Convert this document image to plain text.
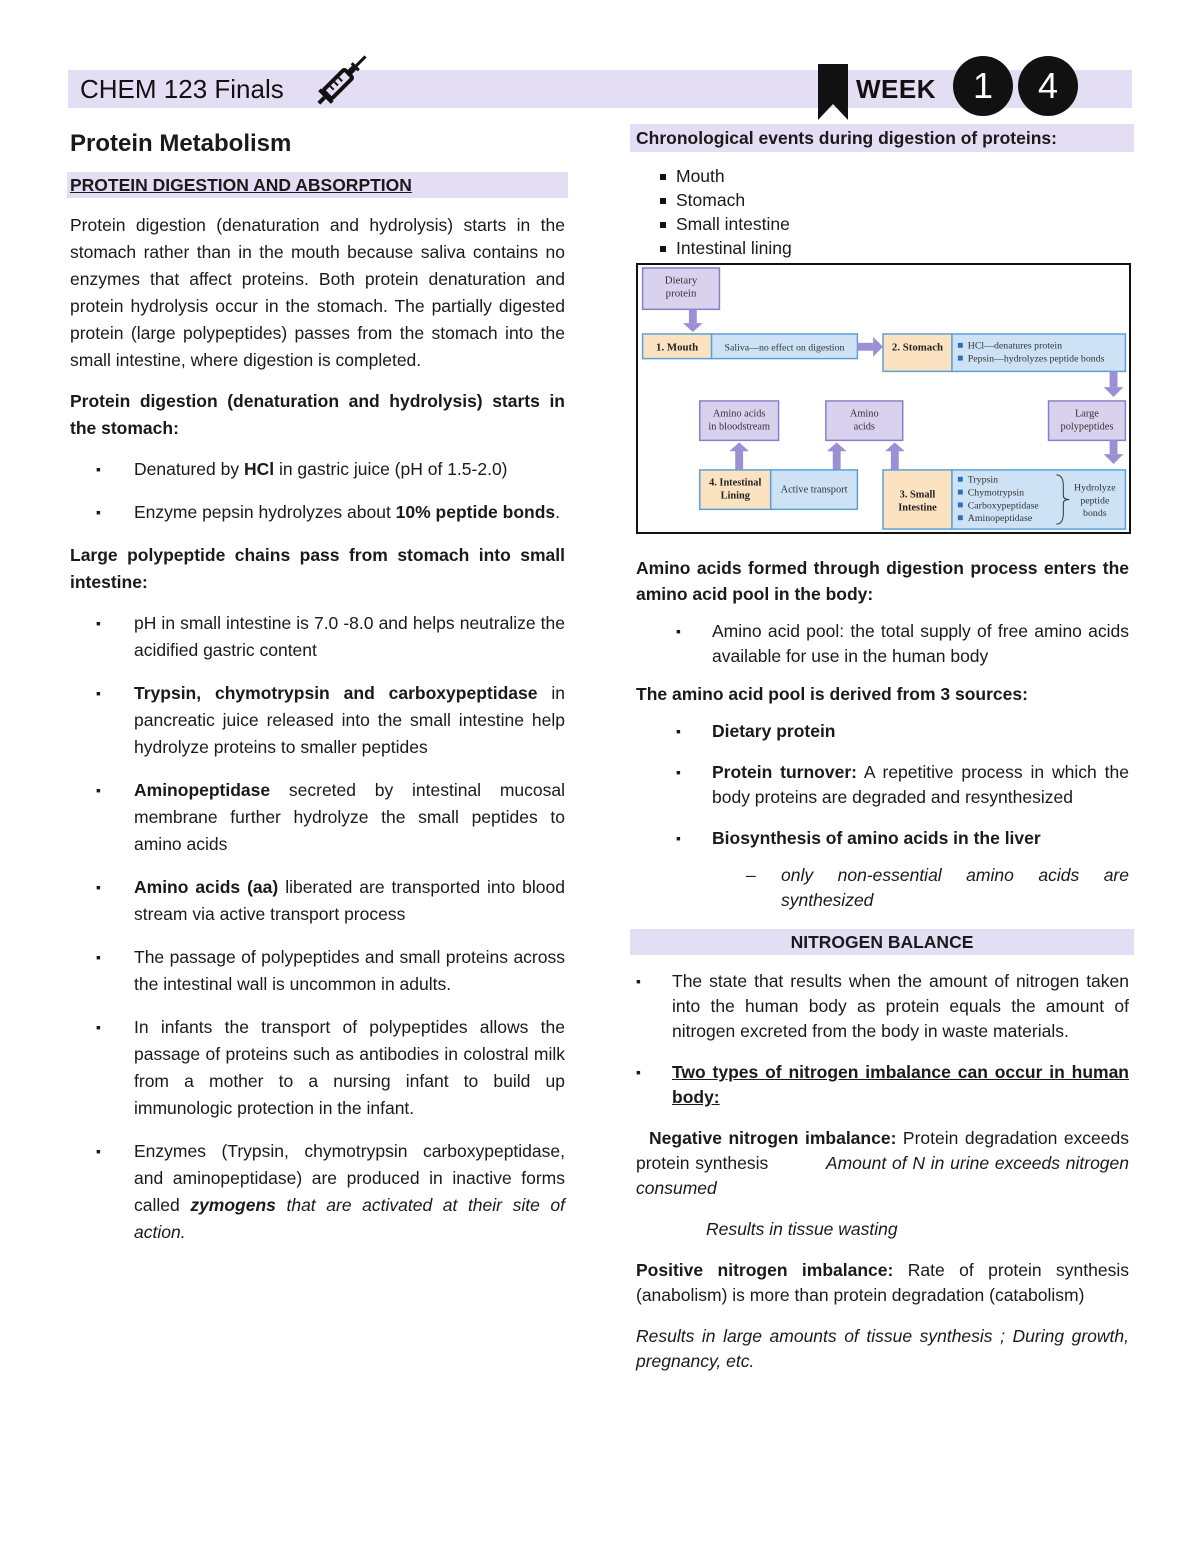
CHEM 123 Finals	WEEK	1	4
Protein Metabolism
PROTEIN DIGESTION AND ABSORPTION

Protein digestion (denaturation and hydrolysis) starts in the stomach rather than in the mouth because saliva contains no enzymes that affect proteins. Both protein denaturation and protein hydrolysis occur in the stomach. The partially digested protein (large polypeptides) passes from the stomach into the small intestine, where digestion is completed.

Protein digestion (denaturation and hydrolysis) starts in the stomach:

▪ Denatured by HCl in gastric juice (pH of 1.5-2.0)
▪ Enzyme pepsin hydrolyzes about 10% peptide bonds.

Large polypeptide chains pass from stomach into small intestine:

▪ pH in small intestine is 7.0 -8.0 and helps neutralize the acidified gastric content
▪ Trypsin, chymotrypsin and carboxypeptidase in pancreatic juice released into the small intestine help hydrolyze proteins to smaller peptides
▪ Aminopeptidase secreted by intestinal mucosal membrane further hydrolyze the small peptides to amino acids
▪ Amino acids (aa) liberated are transported into blood stream via active transport process
▪ The passage of polypeptides and small proteins across the intestinal wall is uncommon in adults.
▪ In infants the transport of polypeptides allows the passage of proteins such as antibodies in colostral milk from a mother to a nursing infant to build up immunologic protection in the infant.
▪ Enzymes (Trypsin, chymotrypsin carboxypeptidase, and aminopeptidase) are produced in inactive forms called zymogens that are activated at their site of action.
Chronological events during digestion of proteins:
Mouth
Stomach
Small intestine
Intestinal lining
Dietary
protein
1. Mouth	Saliva—no effect on digestion	2. Stomach HCl—denatures protein
Pepsin—hydrolyzes peptide bonds
Large
polypeptides
Amino acids
in bloodstream
Amino
acids
4. Intestinal
Lining
Active transport	3. Small
Intestine
Trypsin
Chymotrypsin
Carboxypeptidase
Aminopeptidase
Hydrolyze
peptide
bonds

Amino acids formed through digestion process enters the amino acid pool in the body:

▪ Amino acid pool: the total supply of free amino acids available for use in the human body

The amino acid pool is derived from 3 sources:

▪ Dietary protein
▪ Protein turnover: A repetitive process in which the body proteins are degraded and resynthesized
▪ Biosynthesis of amino acids in the liver
– only non-essential amino acids are synthesized
NITROGEN BALANCE
▪ The state that results when the amount of nitrogen taken into the human body as protein equals the amount of nitrogen excreted from the body in waste materials.
▪ Two types of nitrogen imbalance can occur in human body:

Negative nitrogen imbalance: Protein degradation exceeds protein synthesis	Amount of N in urine exceeds nitrogen consumed

Results in tissue wasting

Positive nitrogen imbalance: Rate of protein synthesis (anabolism) is more than protein degradation (catabolism)

Results in large amounts of tissue synthesis ; During growth, pregnancy, etc.
